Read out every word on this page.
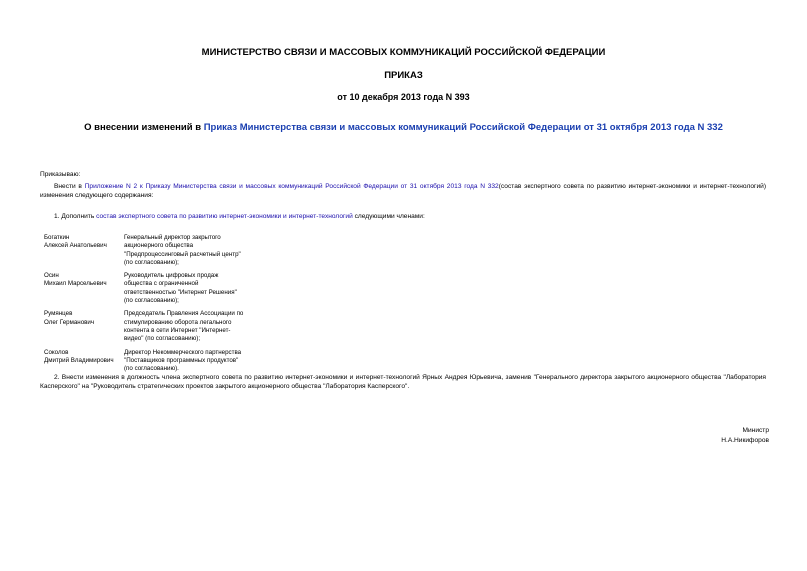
МИНИСТЕРСТВО СВЯЗИ И МАССОВЫХ КОММУНИКАЦИЙ РОССИЙСКОЙ ФЕДЕРАЦИИ
ПРИКАЗ
от 10 декабря 2013 года N 393
О внесении изменений в Приказ Министерства связи и массовых коммуникаций Российской Федерации от 31 октября 2013 года N 332
Приказываю:
Внести в Приложение N 2 к Приказу Министерства связи и массовых коммуникаций Российской Федерации от 31 октября 2013 года N 332(состав экспертного совета по развитию интернет-экономики и интернет-технологий) изменения следующего содержания:
1. Дополнить состав экспертного совета по развитию интернет-экономики и интернет-технологий следующими членами:
Богаткин
Алексей Анатольевич
Генеральный директор закрытого
акционерного общества
"Предпроцессинговый расчетный центр"
(по согласованию);
Осин
Михаил Марсельевич
Руководитель цифровых продаж
общества с ограниченной
ответственностью "Интернет Решения"
(по согласованию);
Румянцев
Олег Германович
Председатель Правления Ассоциации по
стимулированию оборота легального
контента в сети Интернет "Интернет-
видео" (по согласованию);
Соколов
Дмитрий Владимирович
Директор Некоммерческого партнерства
"Поставщиков программных продуктов"
(по согласованию).
2. Внести изменения в должность члена экспертного совета по развитию интернет-экономики и интернет-технологий Ярных Андрея Юрьевича, заменив "Генерального директора закрытого акционерного общества "Лаборатория Касперского" на "Руководитель стратегических проектов закрытого акционерного общества "Лаборатория Касперского".
Министр
Н.А.Никифоров
